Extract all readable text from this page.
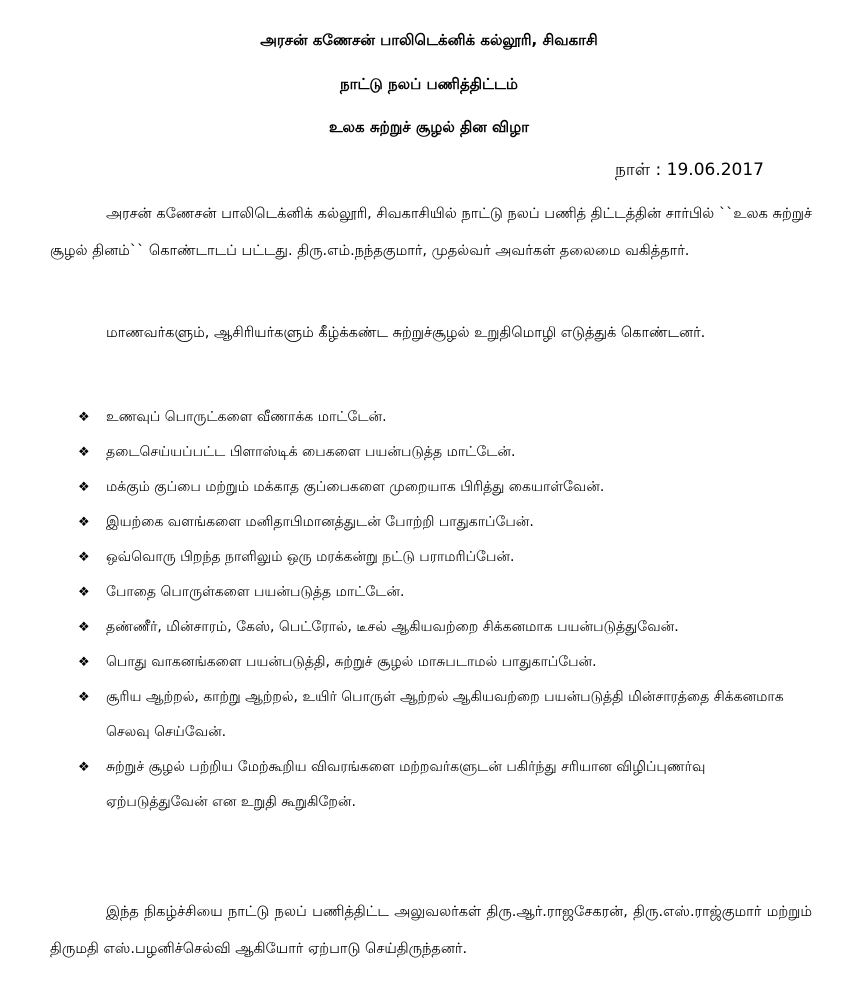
அரசன் கணேசன் பாலிடெக்னிக் கல்லூரி, சிவகாசி
நாட்டு நலப் பணித்திட்டம்
உலக சுற்றுச் சூழல் தின விழா
நாள் : 19.06.2017

அரசன் கணேசன் பாலிடெக்னிக் கல்லூரி, சிவகாசியில் நாட்டு நலப் பணித் திட்டத்தின் சார்பில் ``உலக சுற்றுச் சூழல் தினம்`` கொண்டாடப் பட்டது. திரு.எம்.நந்தகுமார், முதல்வர் அவர்கள் தலைமை வகித்தார்.

மாணவர்களும், ஆசிரியர்களும் கீழ்க்கண்ட சுற்றுச்சூழல் உறுதிமொழி எடுத்துக் கொண்டனர்.

❖ உணவுப் பொருட்களை வீணாக்க மாட்டேன்.
❖ தடைசெய்யப்பட்ட பிளாஸ்டிக் பைகளை பயன்படுத்த மாட்டேன்.
❖ மக்கும் குப்பை மற்றும் மக்காத குப்பைகளை முறையாக பிரித்து கையாள்வேன்.
❖ இயற்கை வளங்களை மனிதாபிமானத்துடன் போற்றி பாதுகாப்பேன்.
❖ ஒவ்வொரு பிறந்த நாளிலும் ஒரு மரக்கன்று நட்டு பராமரிப்பேன்.
❖ போதை பொருள்களை பயன்படுத்த மாட்டேன்.
❖ தண்ணீர், மின்சாரம், கேஸ், பெட்ரோல், டீசல் ஆகியவற்றை சிக்கனமாக பயன்படுத்துவேன்.
❖ பொது வாகனங்களை பயன்படுத்தி, சுற்றுச் சூழல் மாசுபடாமல் பாதுகாப்பேன்.
❖ சூரிய ஆற்றல், காற்று ஆற்றல், உயிர் பொருள் ஆற்றல் ஆகியவற்றை பயன்படுத்தி மின்சாரத்தை சிக்கனமாக செலவு செய்வேன்.
❖ சுற்றுச் சூழல் பற்றிய மேற்கூறிய விவரங்களை மற்றவர்களுடன் பகிர்ந்து சரியான விழிப்புணர்வு ஏற்படுத்துவேன் என உறுதி கூறுகிறேன்.

இந்த நிகழ்ச்சியை நாட்டு நலப் பணித்திட்ட அலுவலர்கள் திரு.ஆர்.ராஜசேகரன், திரு.எஸ்.ராஜ்குமார் மற்றும் திருமதி எஸ்.பழனிச்செல்வி ஆகியோர் ஏற்பாடு செய்திருந்தனர்.
